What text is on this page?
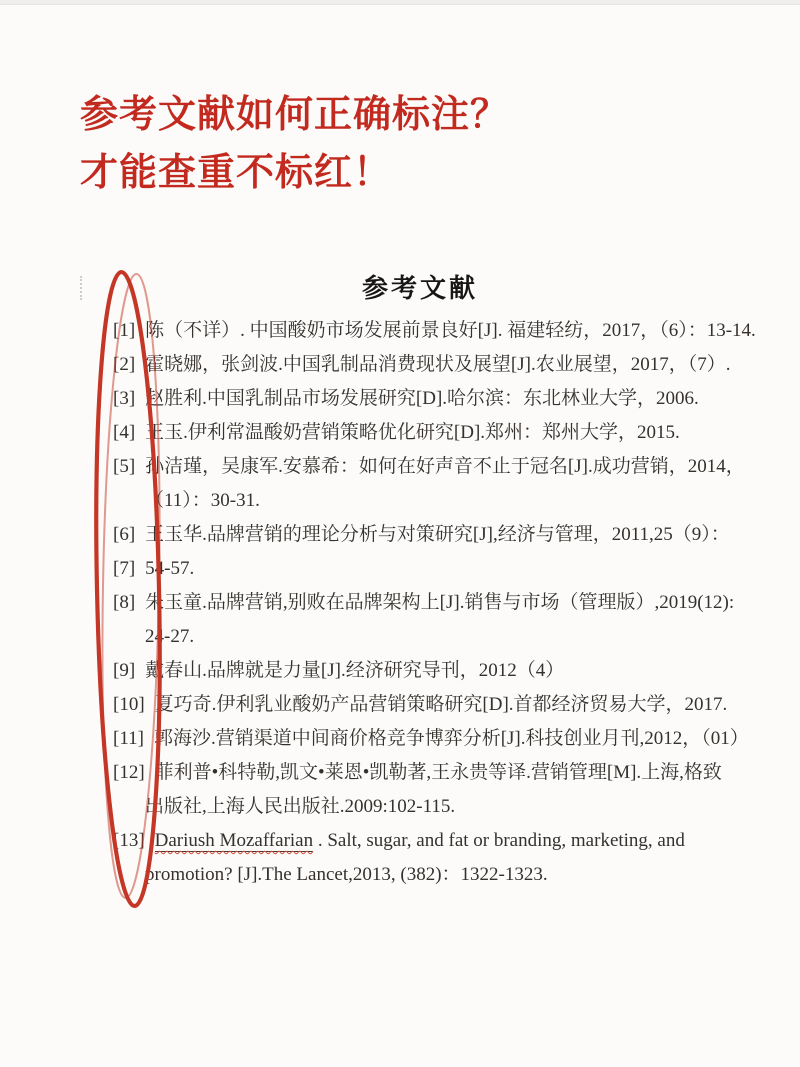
参考文献如何正确标注？
才能查重不标红！
参考文献
[1] 陈（不详）. 中国酸奶市场发展前景良好[J]. 福建轻纺，2017，（6）：13-14.
[2] 霍晓娜，张剑波.中国乳制品消费现状及展望[J].农业展望，2017，（7）.
[3] 赵胜利.中国乳制品市场发展研究[D].哈尔滨：东北林业大学，2006.
[4] 王玉.伊利常温酸奶营销策略优化研究[D].郑州：郑州大学，2015.
[5] 孙洁瑾，吴康军.安慕希：如何在好声音不止于冠名[J].成功营销，2014，
（11）：30-31.
[6] 王玉华.品牌营销的理论分析与对策研究[J],经济与管理，2011,25（9）：
[7] 54-57.
[8] 朱玉童.品牌营销,别败在品牌架构上[J].销售与市场（管理版）,2019(12):
24-27.
[9] 戴春山.品牌就是力量[J].经济研究导刊，2012（4）
[10] 夏巧奇.伊利乳业酸奶产品营销策略研究[D].首都经济贸易大学，2017.
[11] 郭海沙.营销渠道中间商价格竞争博弈分析[J].科技创业月刊,2012，（01）
[12] 菲利普•科特勒,凯文•莱恩•凯勒著,王永贵等译.营销管理[M].上海,格致
出版社,上海人民出版社.2009:102-115.
[13] Dariush Mozaffarian . Salt, sugar, and fat or branding, marketing, and
promotion? [J].The Lancet,2013, (382)：1322-1323.
